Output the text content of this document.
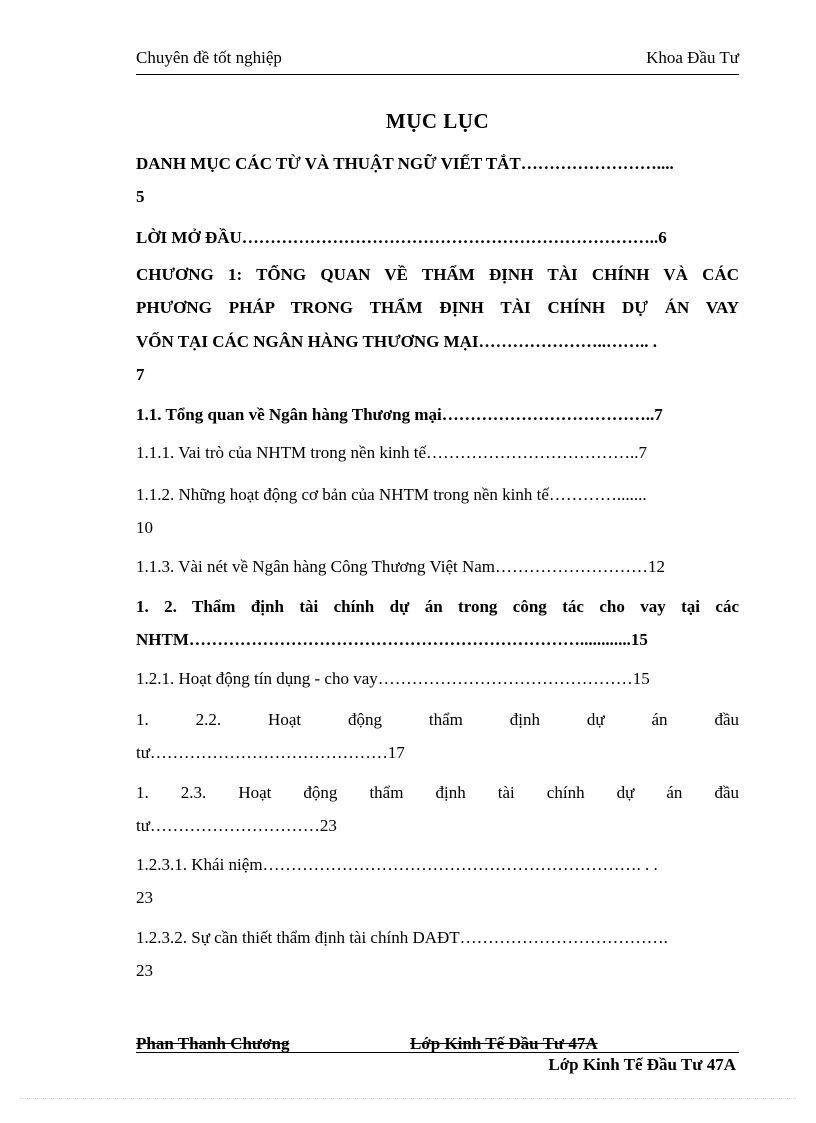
Chuyên đề tốt nghiệp	Khoa Đầu Tư
MỤC LỤC
DANH MỤC CÁC TỪ VÀ THUẬT NGỮ VIẾT TẮT……………………....
5
LỜI MỞ ĐẦU………………………………………………………………..6
CHƯƠNG 1: TỔNG QUAN VỀ THẨM ĐỊNH TÀI CHÍNH VÀ CÁC
PHƯƠNG PHÁP TRONG THẨM ĐỊNH TÀI CHÍNH DỰ ÁN VAY
VỐN TẠI CÁC NGÂN HÀNG THƯƠNG MẠI…………………..…….. .
7
1.1. Tổng quan về Ngân hàng Thương mại………………………………..7
1.1.1. Vai trò của NHTM trong nền kinh tế………………………………..7
1.1.2. Những hoạt động cơ bản của NHTM trong nền kinh tế………….......
10
1.1.3. Vài nét về Ngân hàng Công Thương Việt Nam………………………12
1. 2. Thẩm định tài chính dự án trong công tác cho vay tại các
NHTM……………………………………………………………............15
1.2.1. Hoạt động tín dụng - cho vay………………………………………15
1. 2.2. Hoạt động thẩm định dự án đầu
tư……………………………………17
1. 2.3. Hoạt động thẩm định tài chính dự án đầu
tư…………………………23
1.2.3.1. Khái niệm…………………………………………………………. . .
23
1.2.3.2. Sự cần thiết thẩm định tài chính DAĐT……………………………….
23
Phan Thanh Chương	Lớp Kinh Tế Đầu Tư 47A
Lớp Kinh Tế Đầu Tư 47A
